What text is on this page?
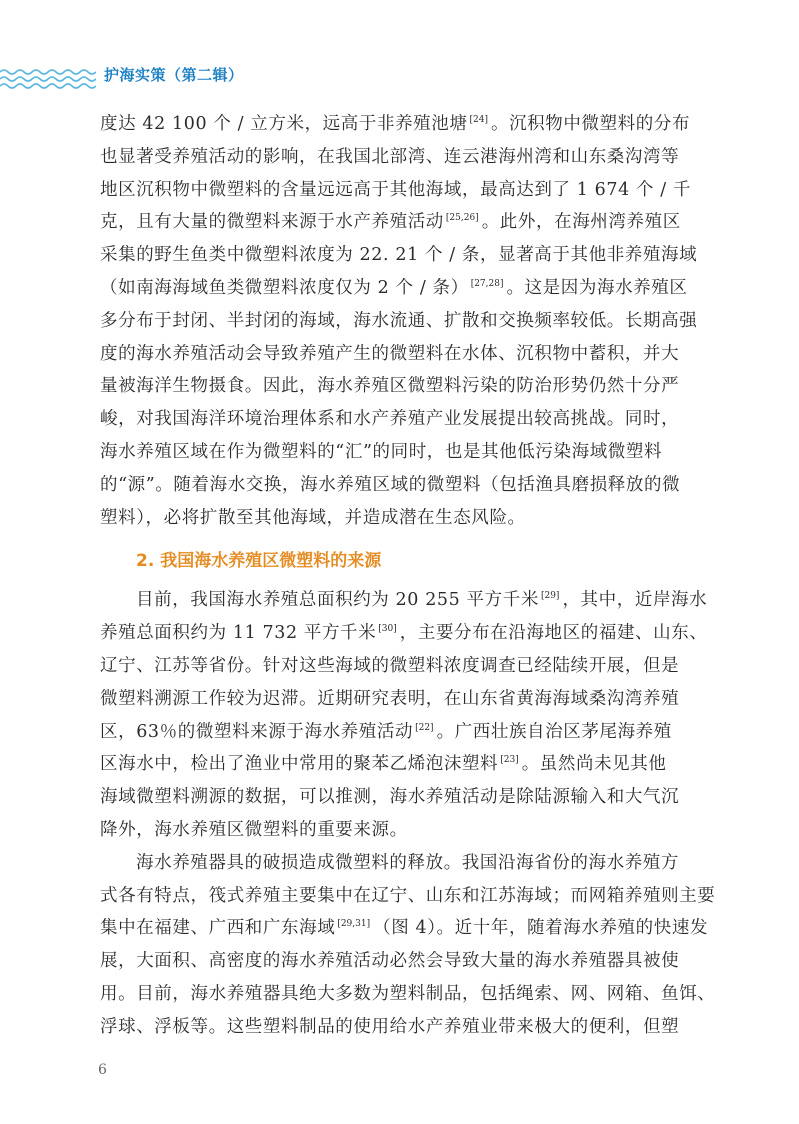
护海实策（第二辑）
度达 42 100 个 / 立方米，远高于非养殖池塘 [24] 。沉积物中微塑料的分布
也显著受养殖活动的影响，在我国北部湾、连云港海州湾和山东桑沟湾等
地区沉积物中微塑料的含量远远高于其他海域，最高达到了 1 674 个 / 千
克，且有大量的微塑料来源于水产养殖活动 [25,26] 。此外，在海州湾养殖区
采集的野生鱼类中微塑料浓度为 22. 21 个 / 条，显著高于其他非养殖海域
（如南海海域鱼类微塑料浓度仅为 2 个 / 条） [27,28] 。这是因为海水养殖区
多分布于封闭、半封闭的海域，海水流通、扩散和交换频率较低。长期高强
度的海水养殖活动会导致养殖产生的微塑料在水体、沉积物中蓄积，并大
量被海洋生物摄食。因此，海水养殖区微塑料污染的防治形势仍然十分严
峻，对我国海洋环境治理体系和水产养殖产业发展提出较高挑战。同时，
海水养殖区域在作为微塑料的“汇”的同时，也是其他低污染海域微塑料
的“源”。随着海水交换，海水养殖区域的微塑料（包括渔具磨损释放的微
塑料），必将扩散至其他海域，并造成潜在生态风险。
2. 我国海水养殖区微塑料的来源
目前，我国海水养殖总面积约为 20 255 平方千米 [29] ，其中，近岸海水
养殖总面积约为 11 732 平方千米 [30] ，主要分布在沿海地区的福建、山东、
辽宁、江苏等省份。针对这些海域的微塑料浓度调查已经陆续开展，但是
微塑料溯源工作较为迟滞。近期研究表明，在山东省黄海海域桑沟湾养殖
区，63％的微塑料来源于海水养殖活动 [22] 。广西壮族自治区茅尾海养殖
区海水中，检出了渔业中常用的聚苯乙烯泡沫塑料 [23] 。虽然尚未见其他
海域微塑料溯源的数据，可以推测，海水养殖活动是除陆源输入和大气沉
降外，海水养殖区微塑料的重要来源。
海水养殖器具的破损造成微塑料的释放。我国沿海省份的海水养殖方
式各有特点，筏式养殖主要集中在辽宁、山东和江苏海域；而网箱养殖则主要
集中在福建、广西和广东海域 [29,31] （图 4）。近十年，随着海水养殖的快速发
展，大面积、高密度的海水养殖活动必然会导致大量的海水养殖器具被使
用。目前，海水养殖器具绝大多数为塑料制品，包括绳索、网、网箱、鱼饵、
浮球、浮板等。这些塑料制品的使用给水产养殖业带来极大的便利，但塑
6
